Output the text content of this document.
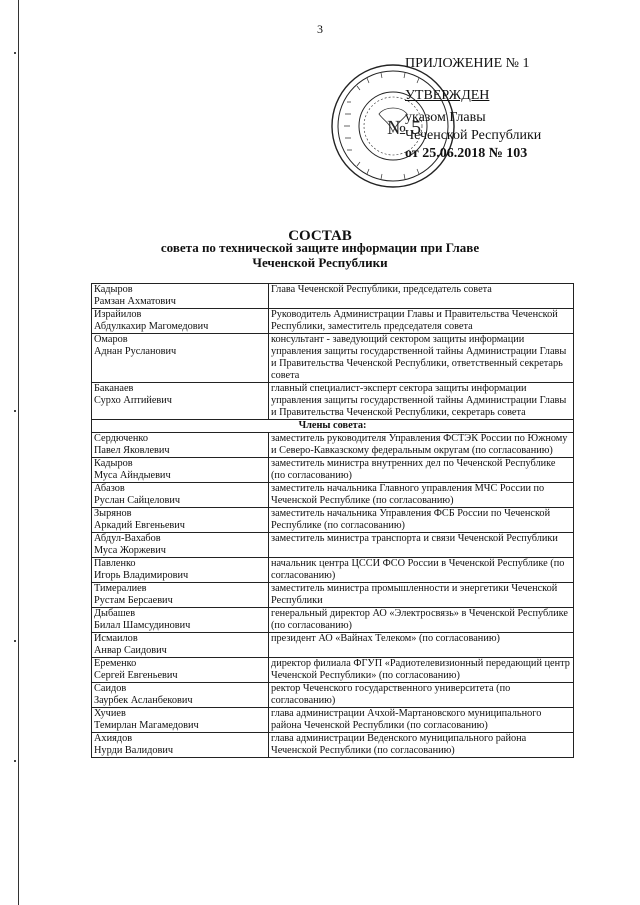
3
№ 5
ПРИЛОЖЕНИЕ № 1
УТВЕРЖДЕН
указом Главы
Чеченской Республики
от 25.06.2018 № 103
СОСТАВ
совета по технической защите информации при Главе Чеченской Республики
Кадыров
Рамзан Ахматович	Глава Чеченской Республики, председатель совета

Израйилов
Абдулкахир Магомедович	Руководитель Администрации Главы и Правительства Чеченской Республики, заместитель председателя совета

Омаров
Аднан Русланович	консультант - заведующий сектором защиты информации управления защиты государственной тайны Администрации Главы и Правительства Чеченской Республики, ответственный секретарь совета

Баканаев
Сурхо Аптийевич	главный специалист-эксперт сектора защиты информации управления защиты государственной тайны Администрации Главы и Правительства Чеченской Республики, секретарь совета
Члены совета:	

Сердюченко
Павел Яковлевич	заместитель руководителя Управления ФСТЭК России по Южному и Северо-Кавказскому федеральным округам (по согласованию)

Кадыров
Муса Айндыевич	заместитель министра внутренних дел по Чеченской Республике (по согласованию)

Абазов
Руслан Сайцелович	заместитель начальника Главного управления МЧС России по Чеченской Республике (по согласованию)

Зырянов
Аркадий Евгеньевич	заместитель начальника Управления ФСБ России по Чеченской Республике (по согласованию)

Абдул-Вахабов
Муса Жоржевич	заместитель министра транспорта и связи Чеченской Республики

Павленко
Игорь Владимирович	начальник центра ЦССИ ФСО России в Чеченской Республике (по согласованию)

Тимералиев
Рустам Берсаевич	заместитель министра промышленности и энергетики Чеченской Республики

Дыбашев
Билал Шамсудинович	генеральный директор АО «Электросвязь» в Чеченской Республике (по согласованию)

Исмаилов
Анвар Саидович	президент АО «Вайнах Телеком» (по согласованию)

Еременко
Сергей Евгеньевич	директор филиала ФГУП «Радиотелевизионный передающий центр Чеченской Республики» (по согласованию)

Саидов
Заурбек Асланбекович	ректор Чеченского государственного университета (по согласованию)

Хучиев
Темирлан Магамедович	глава администрации Ачхой-Мартановского муниципального района Чеченской Республики (по согласованию)

Ахиядов
Нурди Валидович	глава администрации Веденского муниципального района Чеченской Республики (по согласованию)
